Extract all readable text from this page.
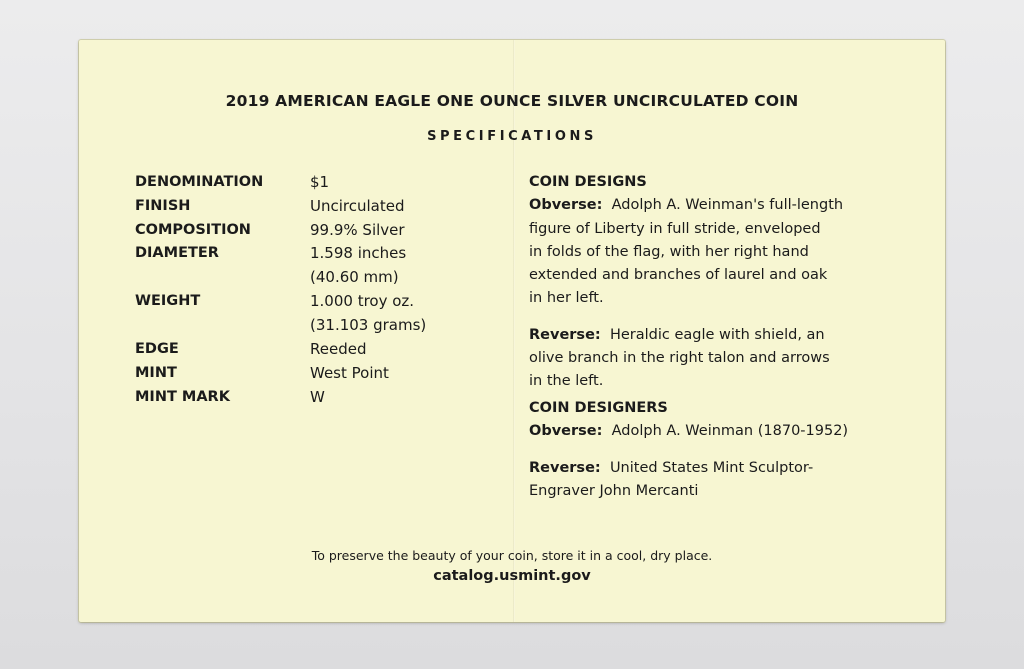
2019 AMERICAN EAGLE ONE OUNCE SILVER UNCIRCULATED COIN
SPECIFICATIONS
DENOMINATION	$1
FINISH	Uncirculated
COMPOSITION	99.9% Silver
DIAMETER	1.598 inches
(40.60 mm)
WEIGHT	1.000 troy oz.
(31.103 grams)
EDGE	Reeded
MINT	West Point
MINT MARK	W
COIN DESIGNS
Obverse: Adolph A. Weinman's full-length
figure of Liberty in full stride, enveloped
in folds of the flag, with her right hand
extended and branches of laurel and oak
in her left.
Reverse: Heraldic eagle with shield, an
olive branch in the right talon and arrows
in the left.
COIN DESIGNERS
Obverse: Adolph A. Weinman (1870-1952)
Reverse: United States Mint Sculptor-
Engraver John Mercanti
To preserve the beauty of your coin, store it in a cool, dry place.
catalog.usmint.gov
